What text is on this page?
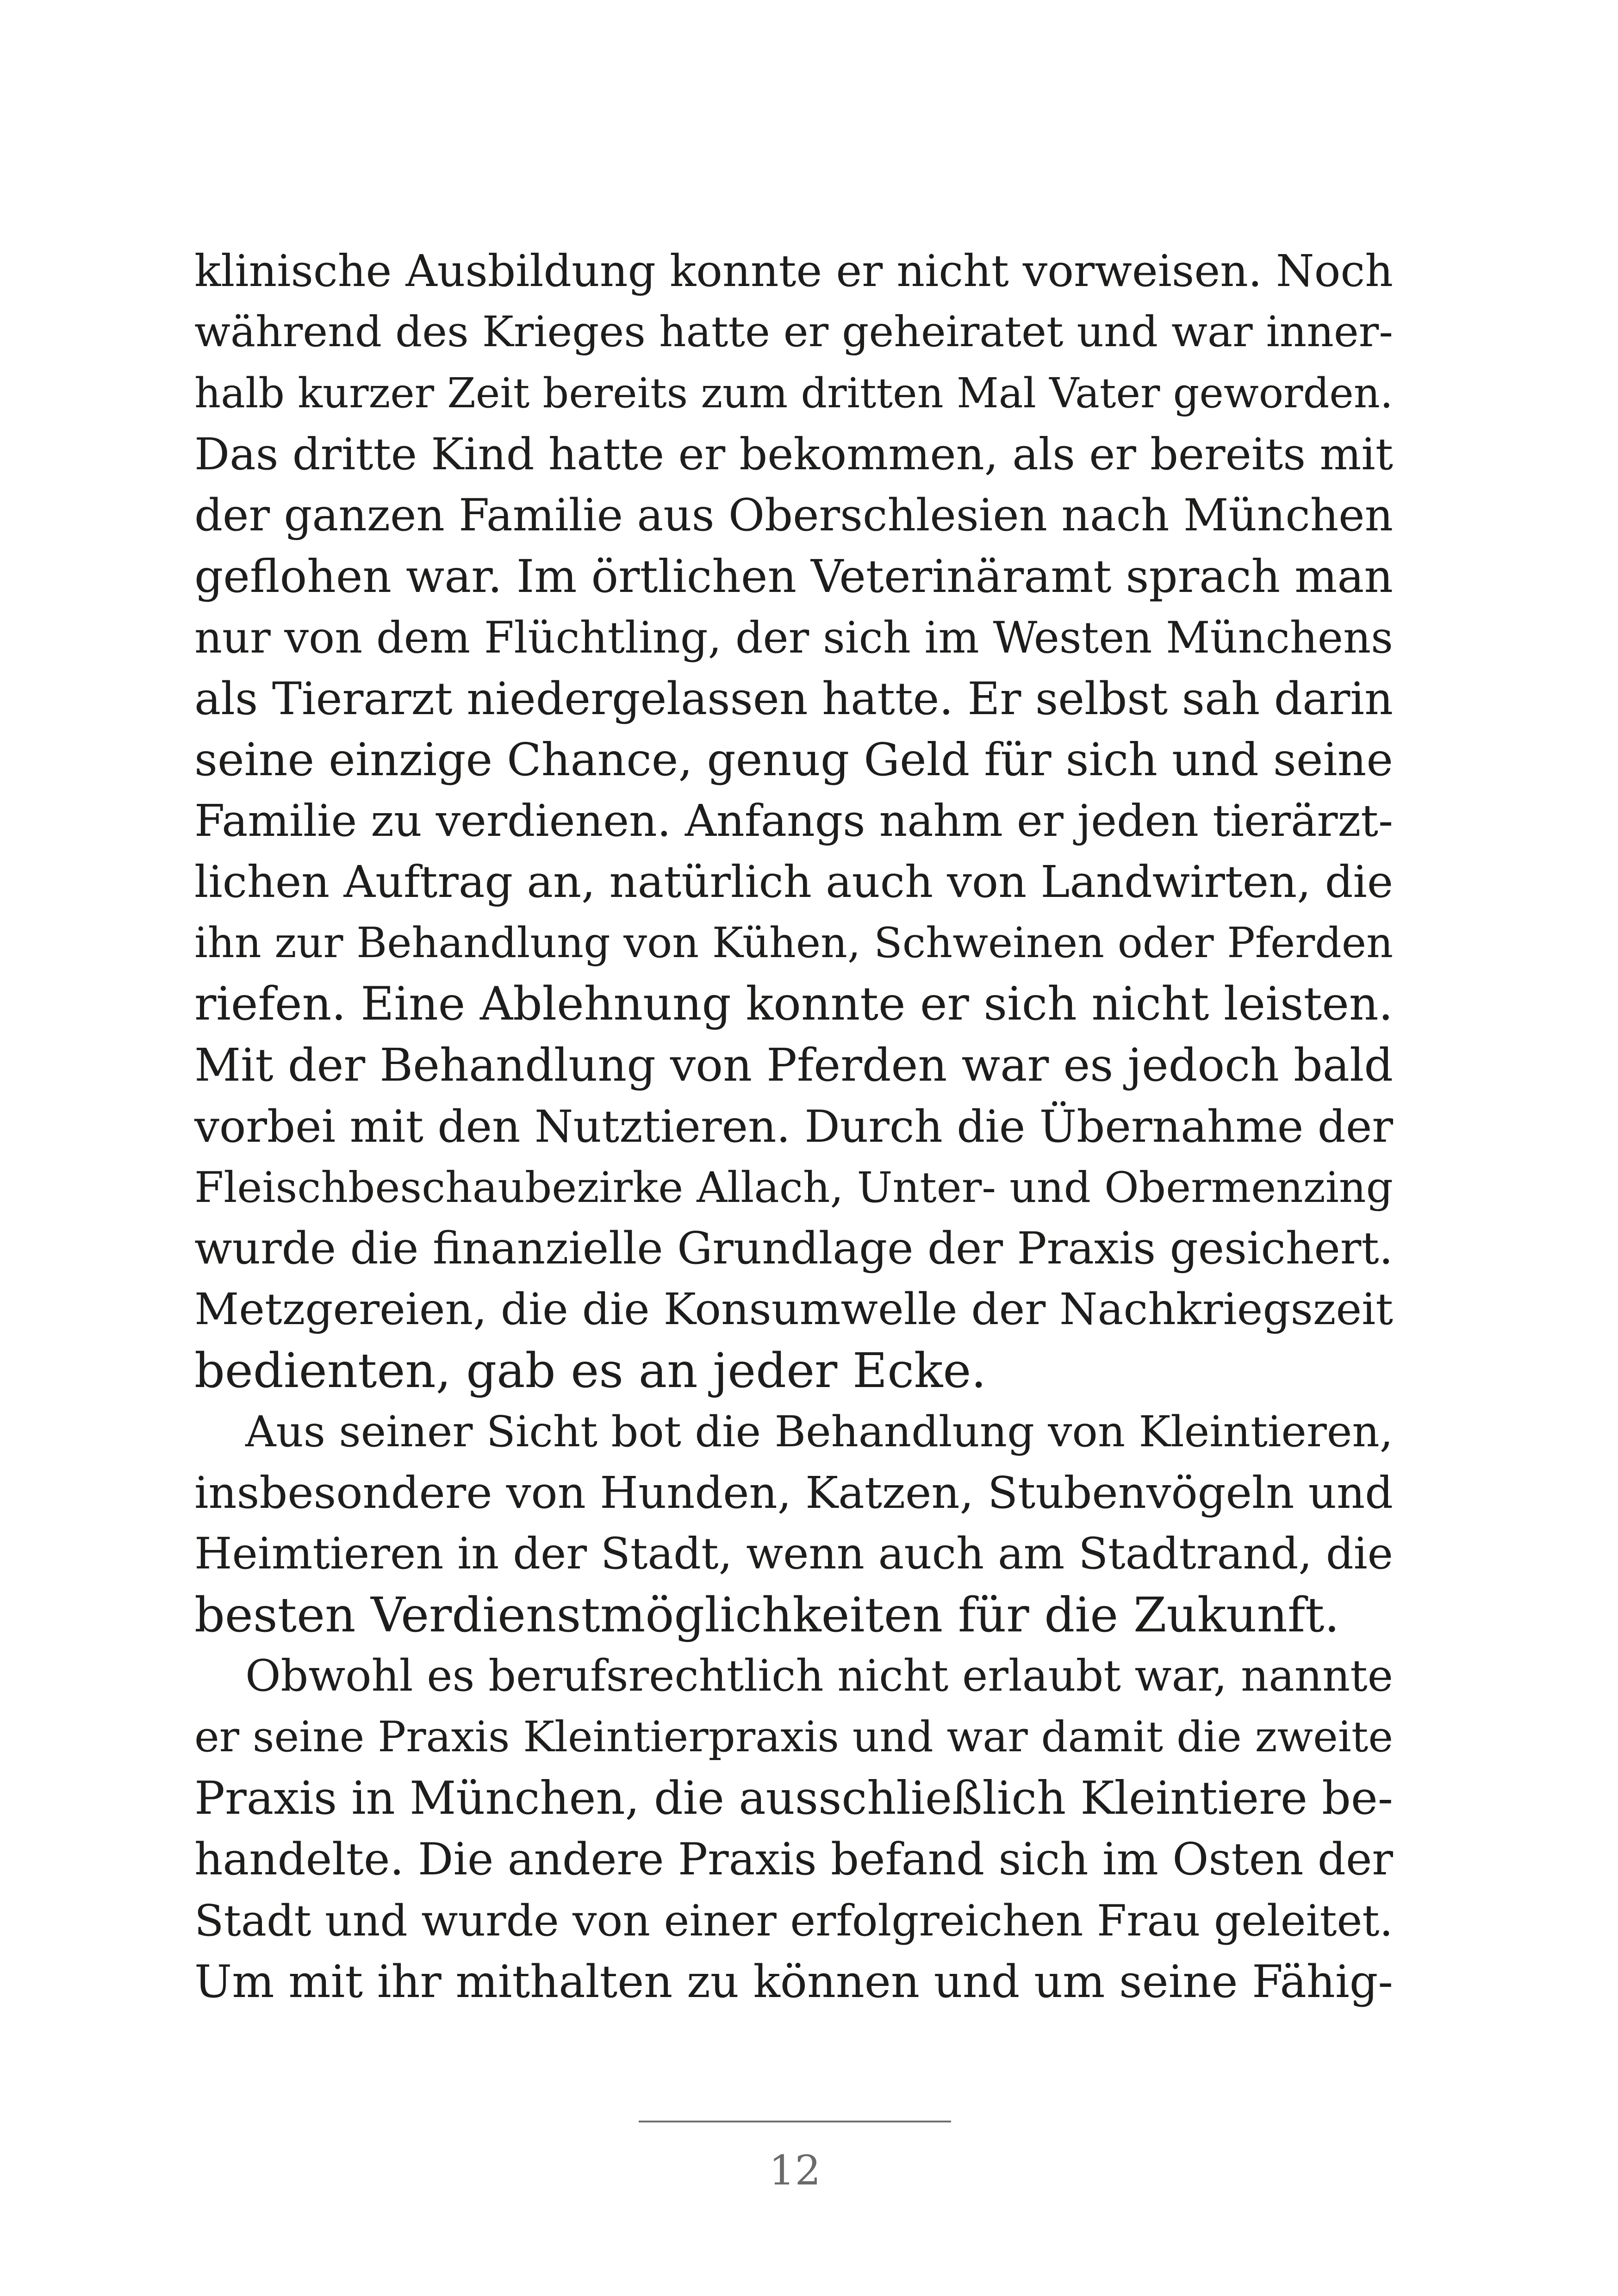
klinische Ausbildung konnte er nicht vorweisen. Noch
während des Krieges hatte er geheiratet und war inner-
halb kurzer Zeit bereits zum dritten Mal Vater geworden.
Das dritte Kind hatte er bekommen, als er bereits mit
der ganzen Familie aus Oberschlesien nach München
geflohen war. Im örtlichen Veterinäramt sprach man
nur von dem Flüchtling, der sich im Westen Münchens
als Tierarzt niedergelassen hatte. Er selbst sah darin
seine einzige Chance, genug Geld für sich und seine
Familie zu verdienen. Anfangs nahm er jeden tierärzt-
lichen Auftrag an, natürlich auch von Landwirten, die
ihn zur Behandlung von Kühen, Schweinen oder Pferden
riefen. Eine Ablehnung konnte er sich nicht leisten.
Mit der Behandlung von Pferden war es jedoch bald
vorbei mit den Nutztieren. Durch die Übernahme der
Fleischbeschaubezirke Allach, Unter- und Obermenzing
wurde die finanzielle Grundlage der Praxis gesichert.
Metzgereien, die die Konsumwelle der Nachkriegszeit
bedienten, gab es an jeder Ecke.
Aus seiner Sicht bot die Behandlung von Kleintieren,
insbesondere von Hunden, Katzen, Stubenvögeln und
Heimtieren in der Stadt, wenn auch am Stadtrand, die
besten Verdienstmöglichkeiten für die Zukunft.
Obwohl es berufsrechtlich nicht erlaubt war, nannte
er seine Praxis Kleintierpraxis und war damit die zweite
Praxis in München, die ausschließlich Kleintiere be-
handelte. Die andere Praxis befand sich im Osten der
Stadt und wurde von einer erfolgreichen Frau geleitet.
Um mit ihr mithalten zu können und um seine Fähig-
12
